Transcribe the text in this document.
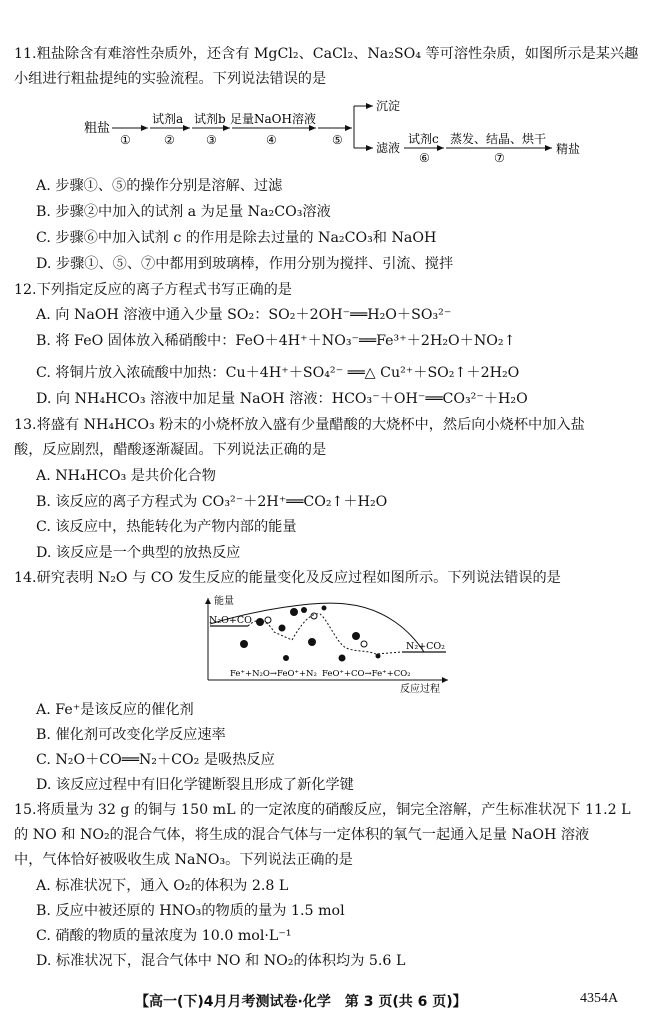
11.粗盐除含有难溶性杂质外，还含有 MgCl₂、CaCl₂、Na₂SO₄ 等可溶性杂质，如图所示是某兴趣

小组进行粗盐提纯的实验流程。下列说法错误的是

粗盐
试剂a 试剂b 足量NaOH溶液
①	②	③	④	⑤
沉淀
滤液
试剂c
⑥
蒸发、结晶、烘干
⑦
精盐
A. 步骤①、⑤的操作分别是溶解、过滤
B. 步骤②中加入的试剂 a 为足量 Na₂CO₃溶液
C. 步骤⑥中加入试剂 c 的作用是除去过量的 Na₂CO₃和 NaOH
D. 步骤①、⑤、⑦中都用到玻璃棒，作用分别为搅拌、引流、搅拌

12.下列指定反应的离子方程式书写正确的是

A. 向 NaOH 溶液中通入少量 SO₂：SO₂＋2OH⁻══H₂O＋SO₃²⁻
B. 将 FeO 固体放入稀硝酸中：FeO＋4H⁺＋NO₃⁻══Fe³⁺＋2H₂O＋NO₂↑
C. 将铜片放入浓硫酸中加热：Cu＋4H⁺＋SO₄²⁻ ══△ Cu²⁺＋SO₂↑＋2H₂O
D. 向 NH₄HCO₃ 溶液中加足量 NaOH 溶液：HCO₃⁻＋OH⁻══CO₃²⁻＋H₂O

13.将盛有 NH₄HCO₃ 粉末的小烧杯放入盛有少量醋酸的大烧杯中，然后向小烧杯中加入盐

酸，反应剧烈，醋酸逐渐凝固。下列说法正确的是

A. NH₄HCO₃ 是共价化合物
B. 该反应的离子方程式为 CO₃²⁻＋2H⁺══CO₂↑＋H₂O
C. 该反应中，热能转化为产物内部的能量
D. 该反应是一个典型的放热反应

14.研究表明 N₂O 与 CO 发生反应的能量变化及反应过程如图所示。下列说法错误的是

能量
反应过程
N₂O+CO
N₂+CO₂
Fe⁺+N₂O→FeO⁺+N₂ FeO⁺+CO→Fe⁺+CO₂
A. Fe⁺是该反应的催化剂
B. 催化剂可改变化学反应速率
C. N₂O＋CO══N₂＋CO₂ 是吸热反应
D. 该反应过程中有旧化学键断裂且形成了新化学键

15.将质量为 32 g 的铜与 150 mL 的一定浓度的硝酸反应，铜完全溶解，产生标准状况下 11.2 L

的 NO 和 NO₂的混合气体，将生成的混合气体与一定体积的氧气一起通入足量 NaOH 溶液

中，气体恰好被吸收生成 NaNO₃。下列说法正确的是

A. 标准状况下，通入 O₂的体积为 2.8 L
B. 反应中被还原的 HNO₃的物质的量为 1.5 mol
C. 硝酸的物质的量浓度为 10.0 mol·L⁻¹
D. 标准状况下，混合气体中 NO 和 NO₂的体积均为 5.6 L
【高一(下)4月月考测试卷·化学　第 3 页(共 6 页)】	4354A
